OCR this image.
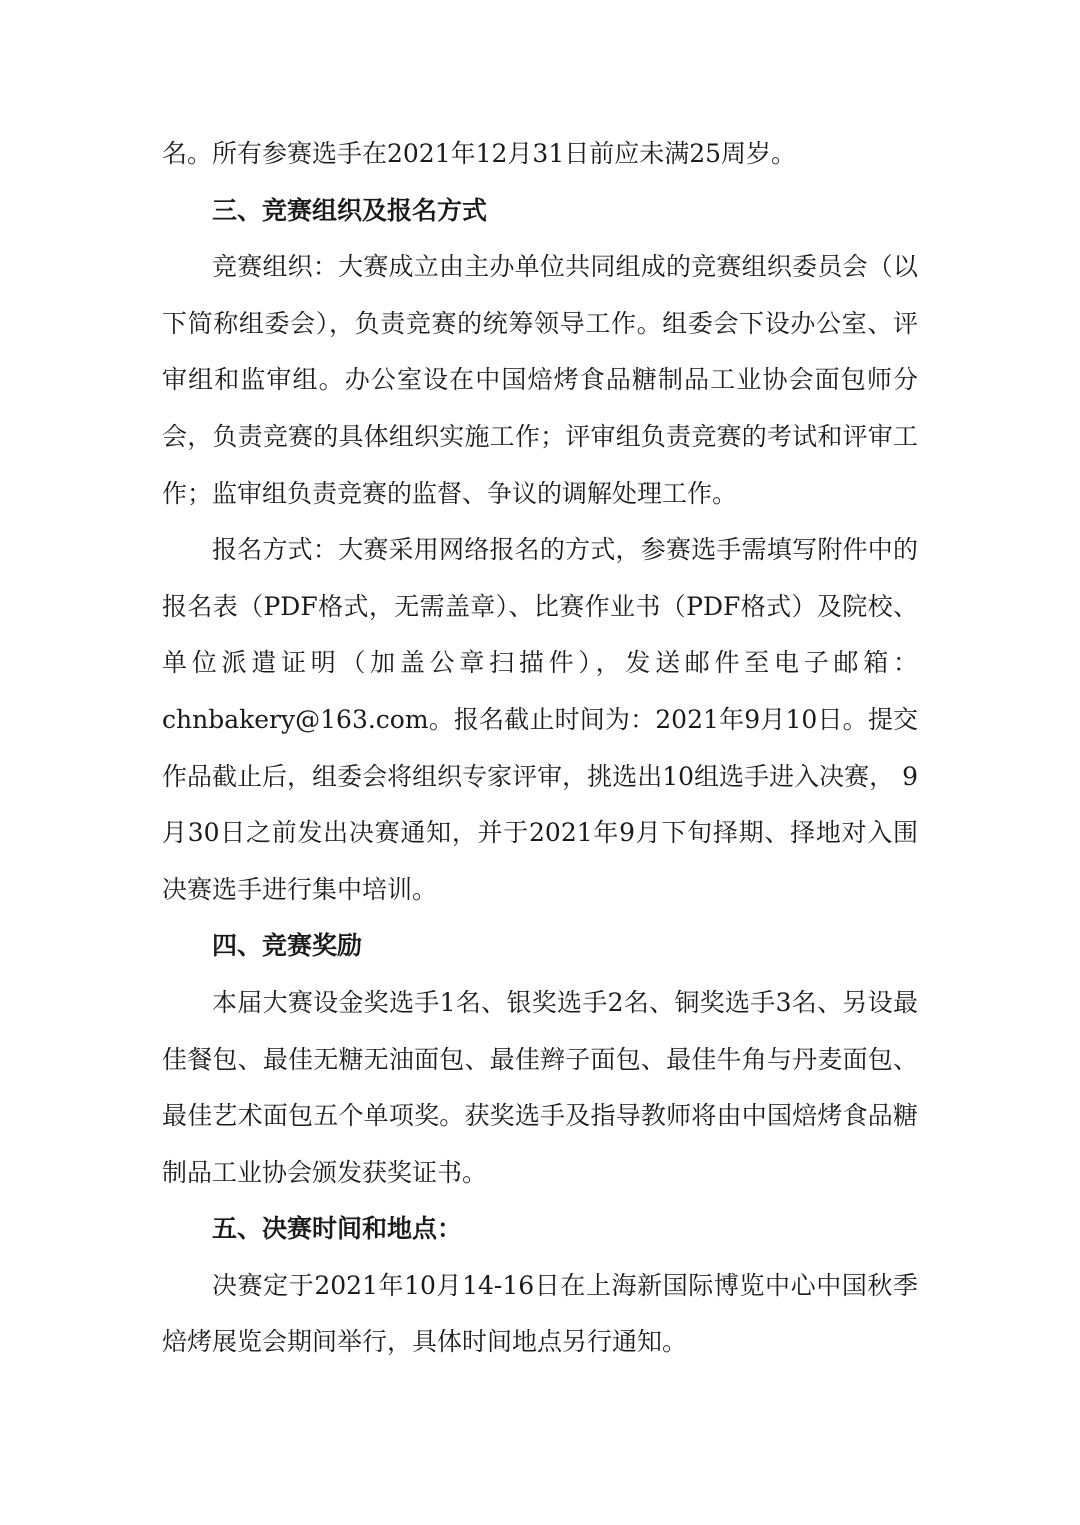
名。所有参赛选手在2021年12月31日前应未满25周岁。

三、竞赛组织及报名方式

竞赛组织：大赛成立由主办单位共同组成的竞赛组织委员会（以下简称组委会），负责竞赛的统筹领导工作。组委会下设办公室、评审组和监审组。办公室设在中国焙烤食品糖制品工业协会面包师分会，负责竞赛的具体组织实施工作；评审组负责竞赛的考试和评审工作；监审组负责竞赛的监督、争议的调解处理工作。

报名方式：大赛采用网络报名的方式，参赛选手需填写附件中的报名表（PDF格式，无需盖章）、比赛作业书（PDF格式）及院校、单位派遣证明（加盖公章扫描件），发送邮件至电子邮箱：chnbakery@163.com。报名截止时间为：2021年9月10日。提交作品截止后，组委会将组织专家评审，挑选出10组选手进入决赛， 9月30日之前发出决赛通知，并于2021年9月下旬择期、择地对入围决赛选手进行集中培训。

四、竞赛奖励

本届大赛设金奖选手1名、银奖选手2名、铜奖选手3名、另设最佳餐包、最佳无糖无油面包、最佳辫子面包、最佳牛角与丹麦面包、最佳艺术面包五个单项奖。获奖选手及指导教师将由中国焙烤食品糖制品工业协会颁发获奖证书。

五、决赛时间和地点：

决赛定于2021年10月14-16日在上海新国际博览中心中国秋季焙烤展览会期间举行，具体时间地点另行通知。
